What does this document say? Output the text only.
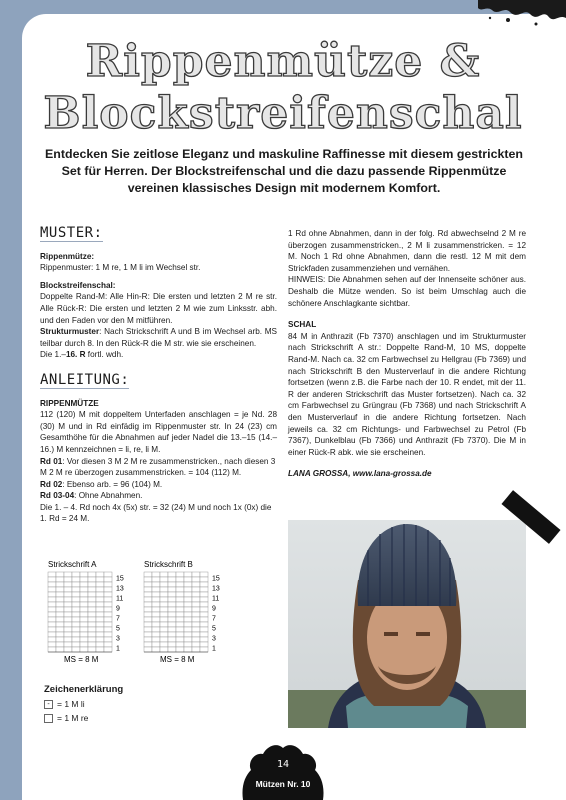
Rippenmütze &
Blockstreifenschal
Entdecken Sie zeitlose Eleganz und maskuline Raffinesse mit diesem gestrickten Set für Herren. Der Blockstreifenschal und die dazu passende Rippenmütze vereinen klassisches Design mit modernem Komfort.
MUSTER:

Rippenmütze:

Rippenmuster: 1 M re, 1 M li im Wechsel str.

Blockstreifenschal:

Doppelte Rand-M: Alle Hin-R: Die ersten und letzten 2 M re str. Alle Rück-R: Die ersten und letzten 2 M wie zum Linksstr. abh. und den Faden vor den M mitführen.

Strukturmuster: Nach Strickschrift A und B im Wechsel arb. MS teilbar durch 8. In den Rück-R die M str. wie sie erscheinen.

Die 1.–16. R fortl. wdh.

ANLEITUNG:

RIPPENMÜTZE

112 (120) M mit doppeltem Unterfaden anschlagen = je Nd. 28 (30) M und in Rd einfädig im Rippenmuster str. In 24 (23) cm Gesamthöhe für die Abnahmen auf jeder Nadel die 13.–15 (14.–16.) M kennzeichnen = li, re, li M.

Rd 01: Vor diesen 3 M 2 M re zusammenstricken., nach diesen 3 M 2 M re überzogen zusammenstricken. = 104 (112) M.

Rd 02: Ebenso arb. = 96 (104) M.

Rd 03-04: Ohne Abnahmen.

Die 1. – 4. Rd noch 4x (5x) str. = 32 (24) M und noch 1x (0x) die 1. Rd = 24 M.

1 Rd ohne Abnahmen, dann in der folg. Rd abwechselnd 2 M re überzogen zusammenstricken., 2 M li zusammenstricken. = 12 M. Noch 1 Rd ohne Abnahmen, dann die restl. 12 M mit dem Strickfaden zusammenziehen und vernähen.

HINWEIS: Die Abnahmen sehen auf der Innenseite schöner aus. Deshalb die Mütze wenden. So ist beim Umschlag auch die schönere Anschlagkante sichtbar.

SCHAL

84 M in Anthrazit (Fb 7370) anschlagen und im Strukturmuster nach Strickschrift A str.: Doppelte Rand-M, 10 MS, doppelte Rand-M. Nach ca. 32 cm Farbwechsel zu Hellgrau (Fb 7369) und nach Strickschrift B den Musterverlauf in die andere Richtung fortsetzen (wenn z.B. die Farbe nach der 10. R endet, mit der 11. R der anderen Strickschrift das Muster fortsetzen). Nach ca. 32 cm Farbwechsel zu Grüngrau (Fb 7368) und nach Strickschrift A den Musterverlauf in die andere Richtung fortsetzen. Nach jeweils ca. 32 cm Richtungs- und Farbwechsel zu Petrol (Fb 7367), Dunkelblau (Fb 7366) und Anthrazit (Fb 7370). Die M in einer Rück-R abk. wie sie erscheinen.

LANA GROSSA, www.lana-grossa.de

Strickschrift A	Strickschrift B
15
13
11
9
7
5
3
1
15
13
11
9
7
5
3
1
MS = 8 M	MS = 8 M
Zeichenerklärung
- = 1 M li
= 1 M re
14
Mützen Nr. 10
